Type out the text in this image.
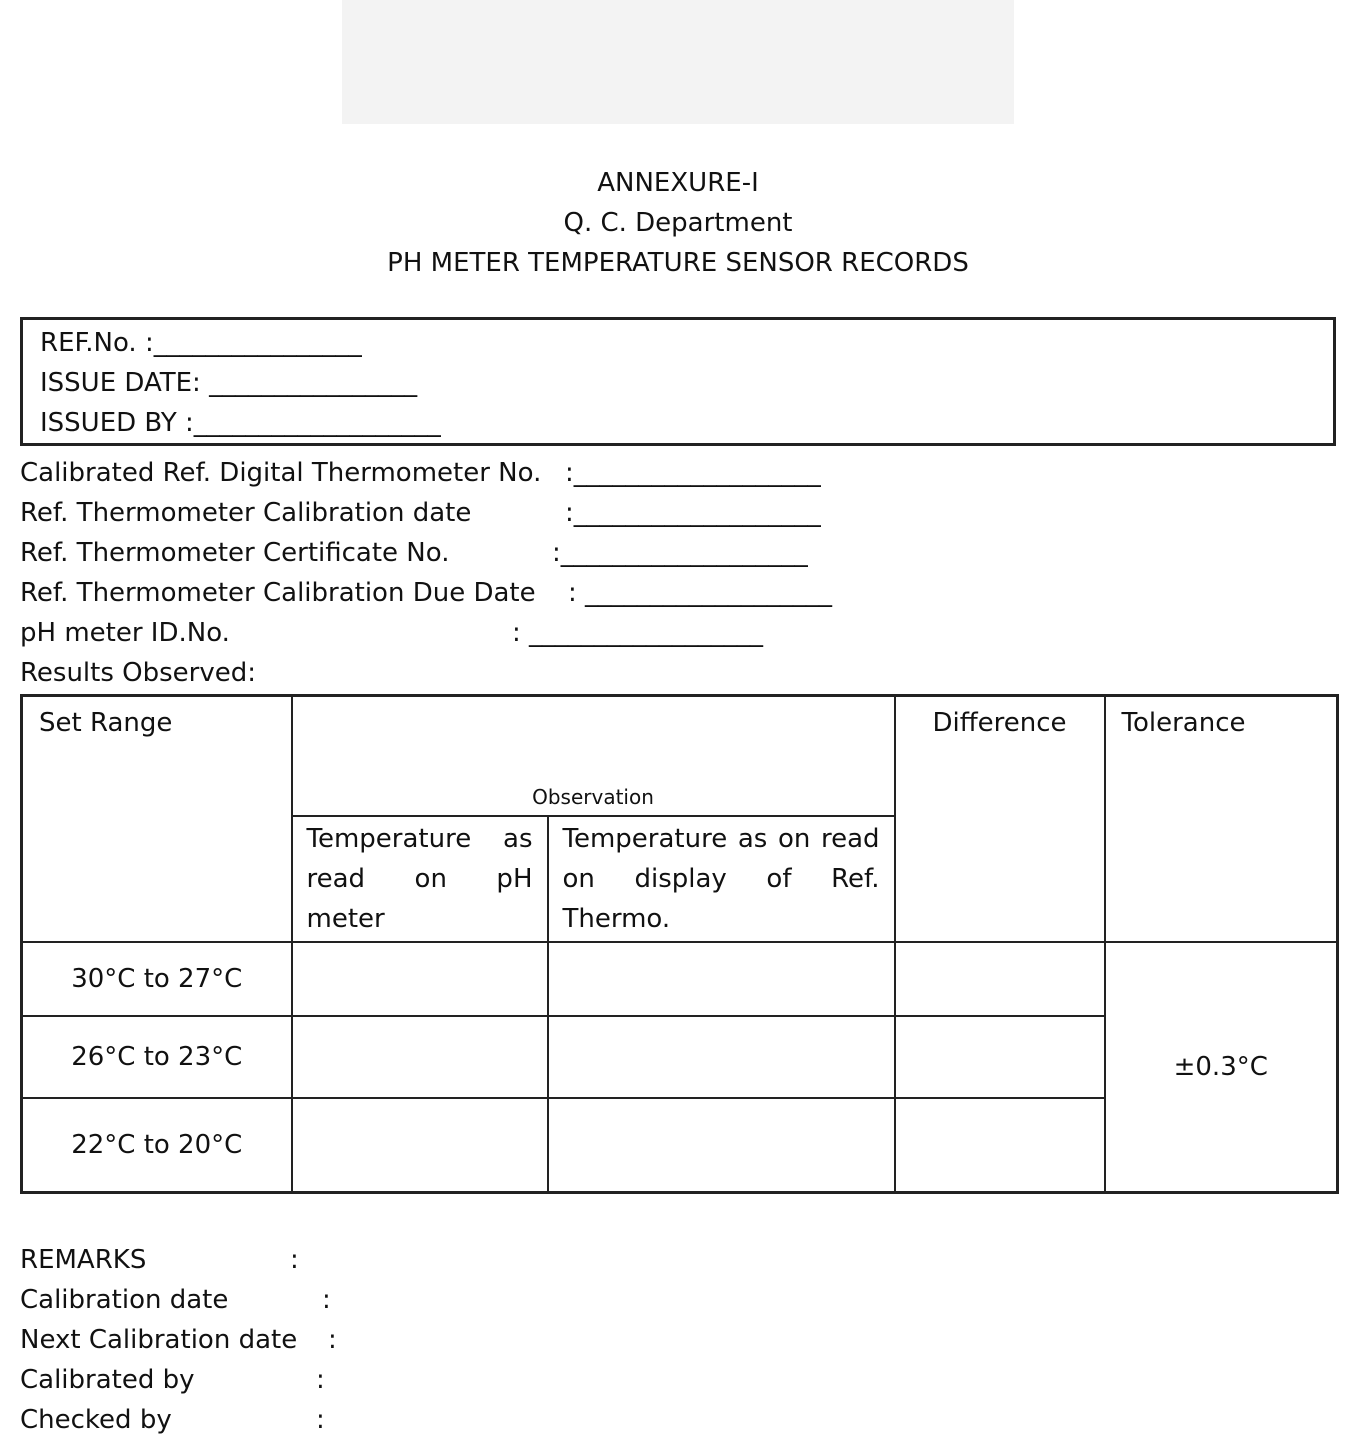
ANNEXURE-I
Q. C. Department
PH METER TEMPERATURE SENSOR RECORDS
REF.No. :________________
ISSUE DATE: ________________
ISSUED BY :___________________
Calibrated Ref. Digital Thermometer No. :___________________
Ref. Thermometer Calibration date	:___________________
Ref. Thermometer Certificate No.	:___________________
Ref. Thermometer Calibration Due Date : ___________________
pH meter ID.No.	: __________________
Results Observed:
Set Range	Observation		Difference	Tolerance

	Temperature as read on pH meter	Temperature as on read on display of Ref. Thermo.		

30°C to 27°C				±0.3°C
26°C to 23°C				
22°C to 20°C				
REMARKS	:
Calibration date	:
Next Calibration date :
Calibrated by	:
Checked by	:
